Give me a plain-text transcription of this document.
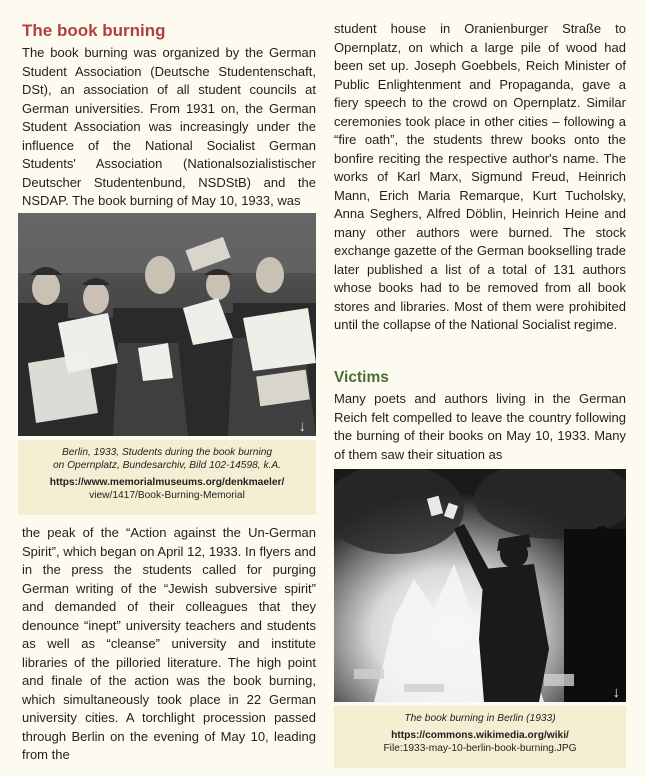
The book burning

The book burning was organized by the German Student Association (Deutsche Studentenschaft, DSt), an association of all student councils at German universities. From 1931 on, the German Student Association was increasingly under the influence of the National Socialist German Students' Association (Nationalsozialistischer Deutscher Studentenbund, NSDStB) and the NSDAP. The book burning of May 10, 1933, was

↓
Berlin, 1933, Students during the book burning
on Opernplatz, Bundesarchiv, Bild 102-14598, k.A.
https://www.memorialmuseums.org/denkmaeler/
view/1417/Book-Burning-Memorial

the peak of the “Action against the Un-German Spirit”, which began on April 12, 1933. In flyers and in the press the students called for purging German writing of the “Jewish subversive spirit” and demanded of their colleagues that they denounce “inept” university teachers and students as well as “cleanse” university and institute libraries of the pilloried literature. The high point and finale of the action was the book burning, which simultaneously took place in 22 German university cities. A torchlight procession passed through Berlin on the evening of May 10, leading from the

student house in Oranienburger Straße to Opernplatz, on which a large pile of wood had been set up. Joseph Goebbels, Reich Minister of Public Enlightenment and Propaganda, gave a fiery speech to the crowd on Opernplatz. Similar ceremonies took place in other cities – following a “fire oath”, the students threw books onto the bonfire reciting the respective author's name. The works of Karl Marx, Sigmund Freud, Heinrich Mann, Erich Maria Remarque, Kurt Tucholsky, Anna Seghers, Alfred Döblin, Heinrich Heine and many other authors were burned. The stock exchange gazette of the German bookselling trade later published a list of a total of 131 authors whose books had to be removed from all book stores and libraries. Most of them were prohibited until the collapse of the National Socialist regime.

Victims

Many poets and authors living in the German Reich felt compelled to leave the country following the burning of their books on May 10, 1933. Many of them saw their situation as

↓
The book burning in Berlin (1933)
https://commons.wikimedia.org/wiki/
File:1933-may-10-berlin-book-burning.JPG
